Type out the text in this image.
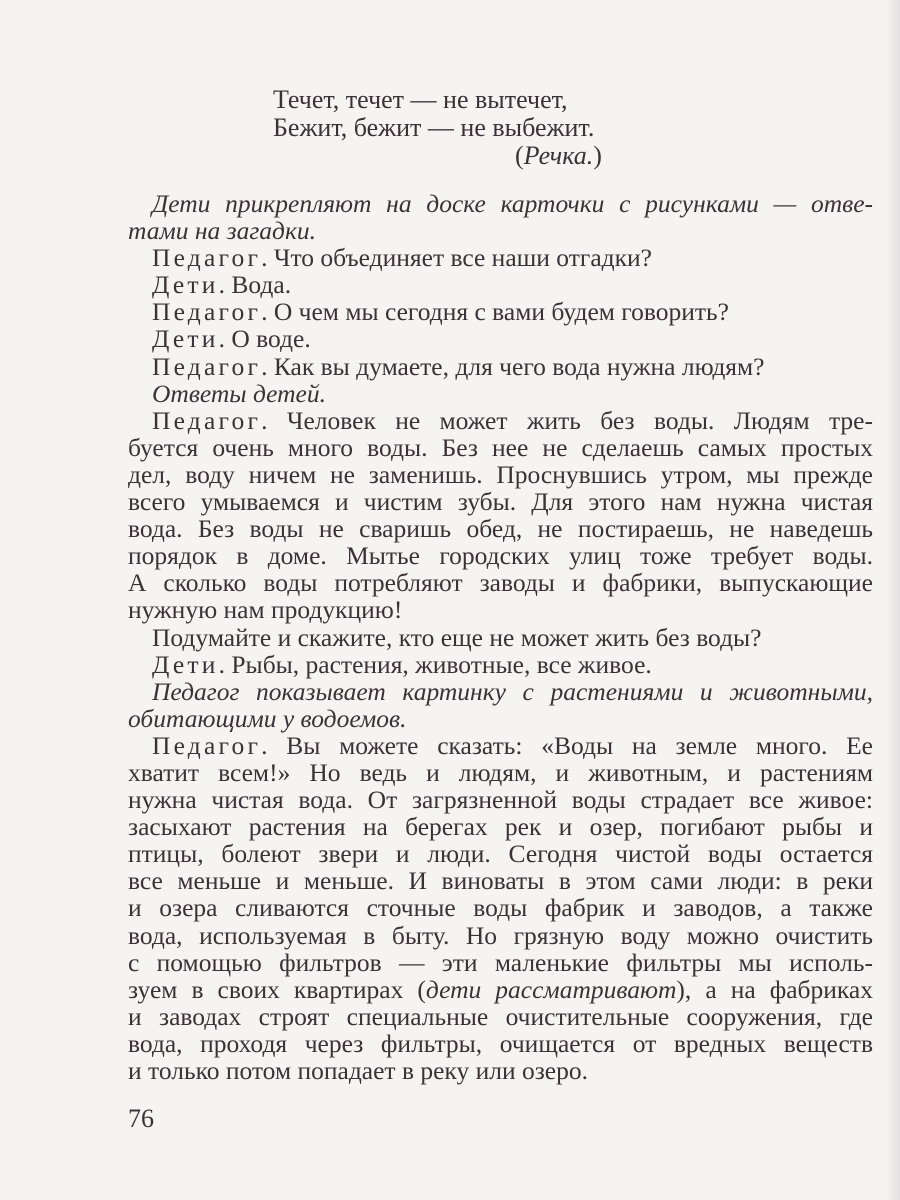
Течет, течет — не вытечет,
Бежит, бежит — не выбежит.
(Речка.)
Дети прикрепляют на доске карточки с рисунками — отве-
тами на загадки.
Педагог. Что объединяет все наши отгадки?
Дети. Вода.
Педагог. О чем мы сегодня с вами будем говорить?
Дети. О воде.
Педагог. Как вы думаете, для чего вода нужна людям?
Ответы детей.
Педагог. Человек не может жить без воды. Людям тре-
буется очень много воды. Без нее не сделаешь самых простых
дел, воду ничем не заменишь. Проснувшись утром, мы прежде
всего умываемся и чистим зубы. Для этого нам нужна чистая
вода. Без воды не сваришь обед, не постираешь, не наведешь
порядок в доме. Мытье городских улиц тоже требует воды.
А сколько воды потребляют заводы и фабрики, выпускающие
нужную нам продукцию!
Подумайте и скажите, кто еще не может жить без воды?
Дети. Рыбы, растения, животные, все живое.
Педагог показывает картинку с растениями и животными,
обитающими у водоемов.
Педагог. Вы можете сказать: «Воды на земле много. Ее
хватит всем!» Но ведь и людям, и животным, и растениям
нужна чистая вода. От загрязненной воды страдает все живое:
засыхают растения на берегах рек и озер, погибают рыбы и
птицы, болеют звери и люди. Сегодня чистой воды остается
все меньше и меньше. И виноваты в этом сами люди: в реки
и озера сливаются сточные воды фабрик и заводов, а также
вода, используемая в быту. Но грязную воду можно очистить
с помощью фильтров — эти маленькие фильтры мы исполь-
зуем в своих квартирах (дети рассматривают), а на фабриках
и заводах строят специальные очистительные сооружения, где
вода, проходя через фильтры, очищается от вредных веществ
и только потом попадает в реку или озеро.
76
